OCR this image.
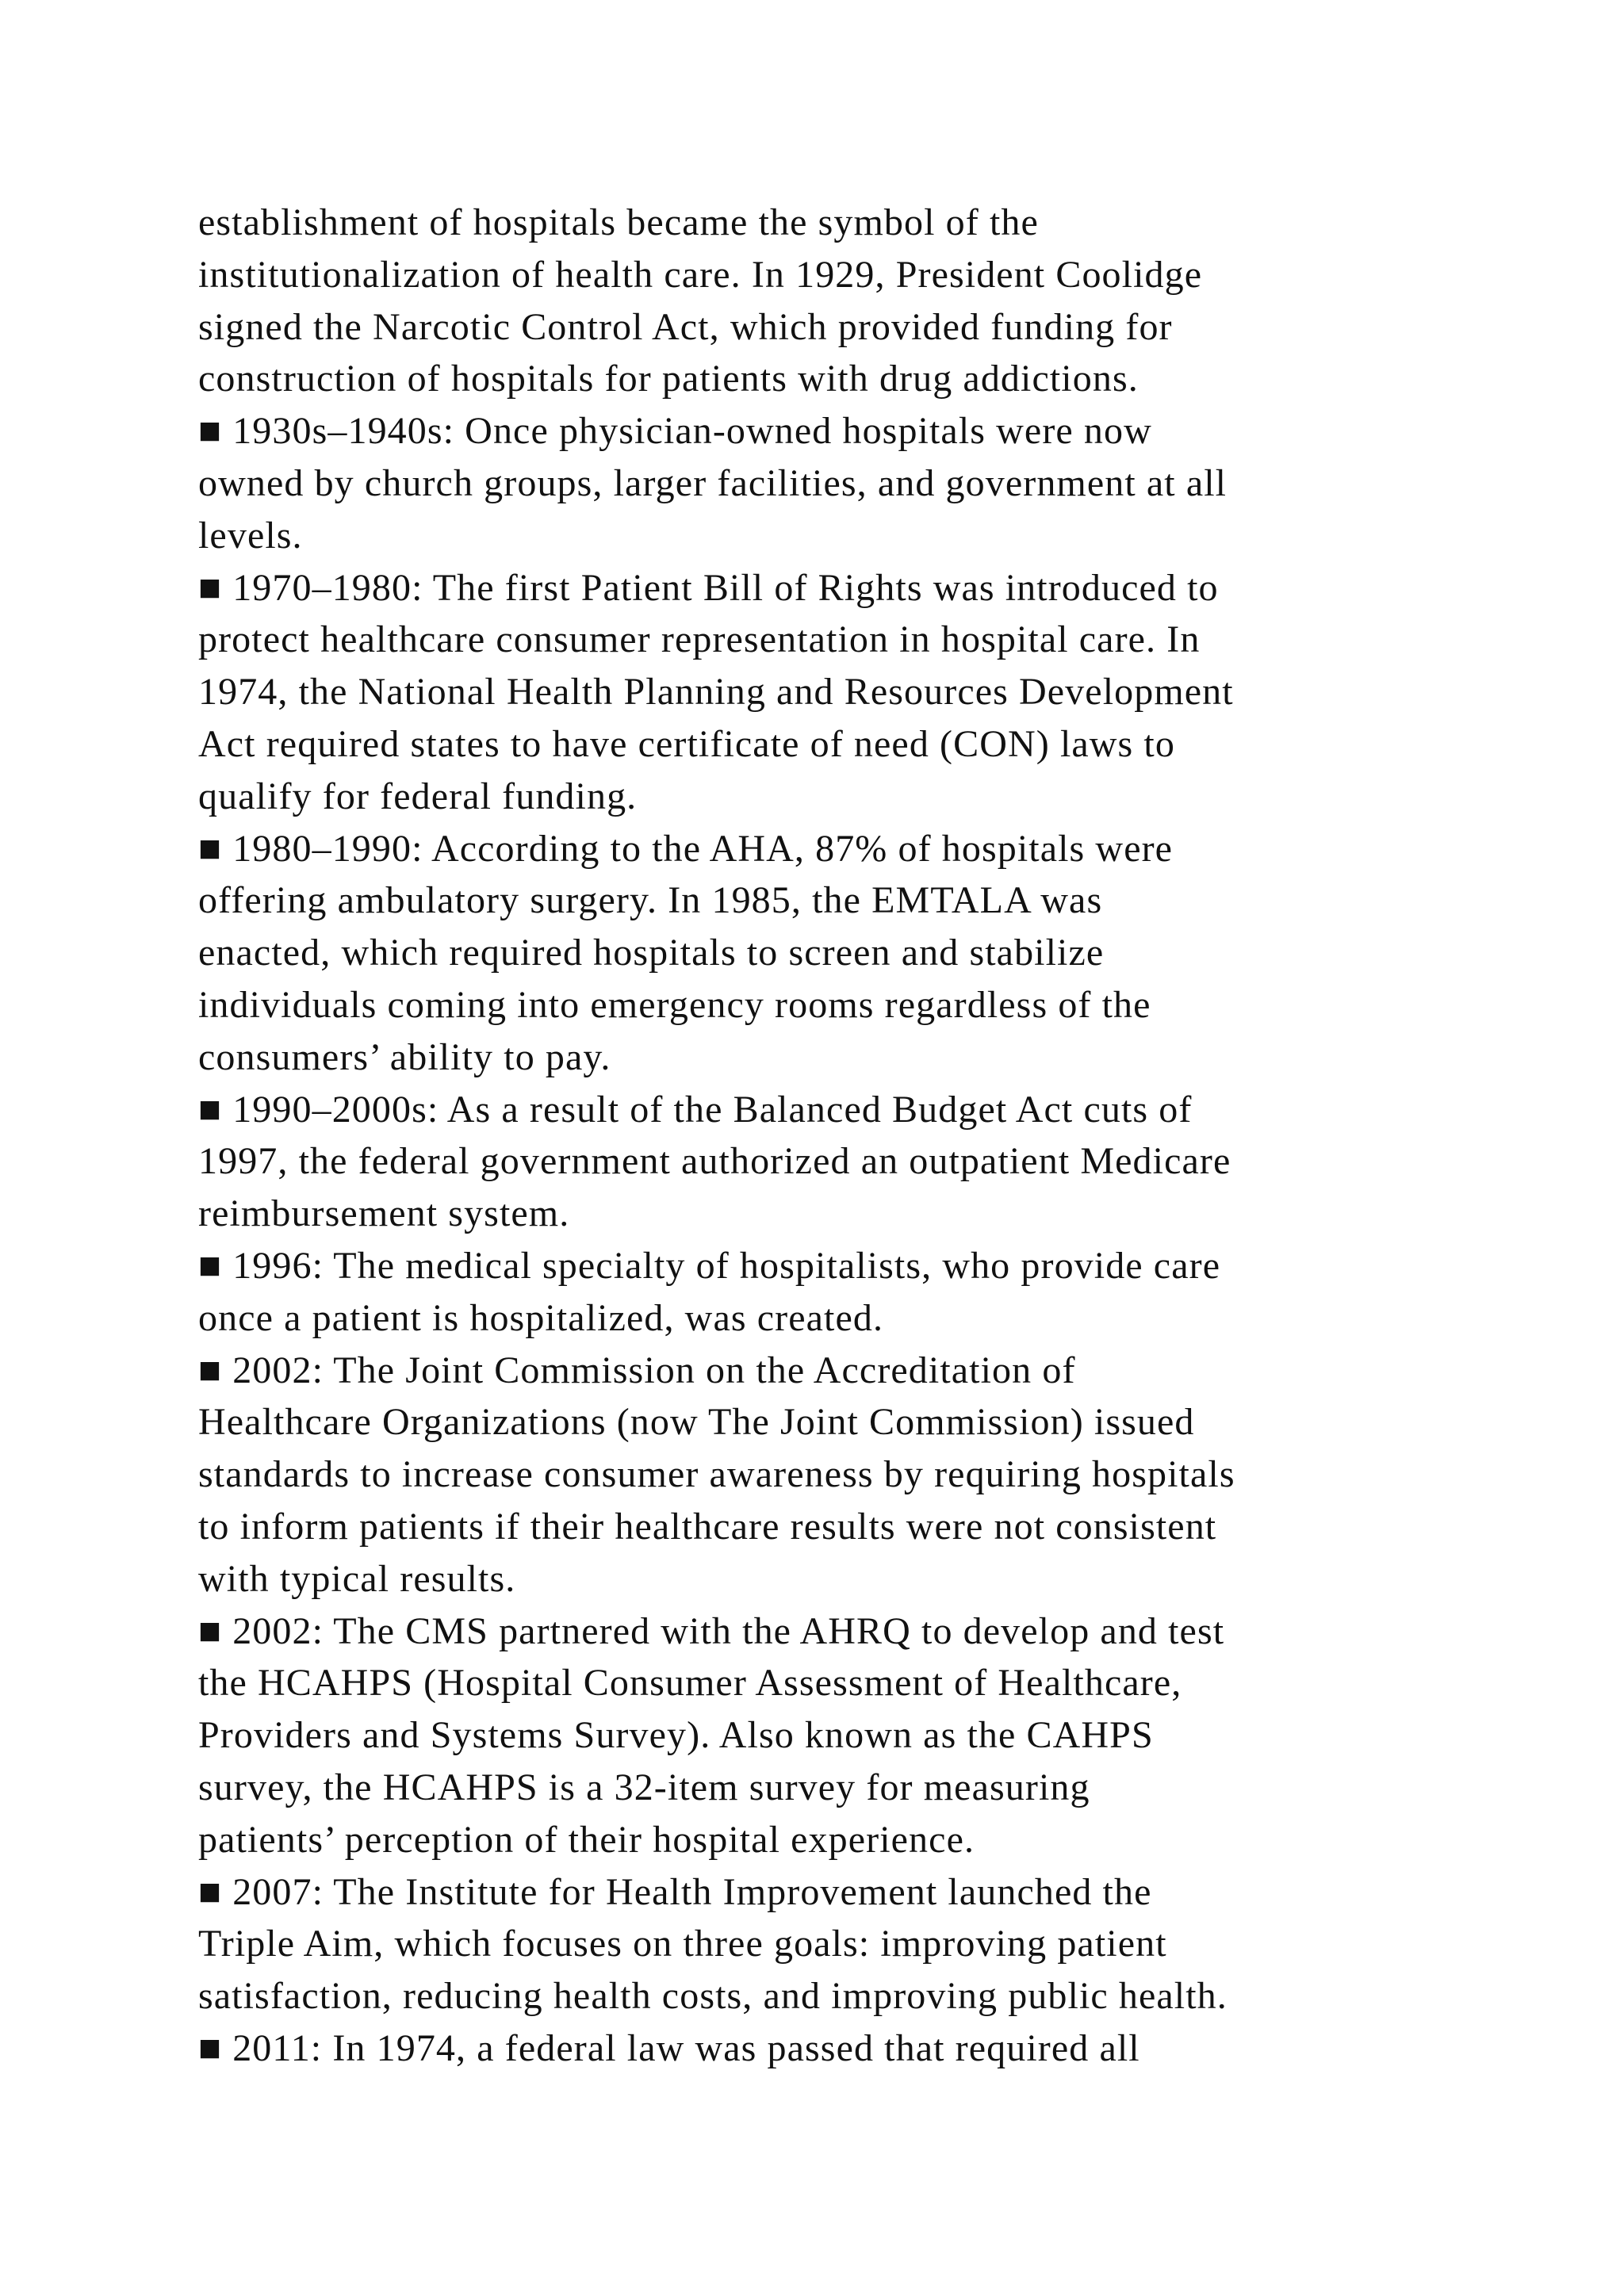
establishment of hospitals became the symbol of the
institutionalization of health care. In 1929, President Coolidge
signed the Narcotic Control Act, which provided funding for
construction of hospitals for patients with drug addictions.
■ 1930s–1940s: Once physician-owned hospitals were now
owned by church groups, larger facilities, and government at all
levels.
■ 1970–1980: The first Patient Bill of Rights was introduced to
protect healthcare consumer representation in hospital care. In
1974, the National Health Planning and Resources Development
Act required states to have certificate of need (CON) laws to
qualify for federal funding.
■ 1980–1990: According to the AHA, 87% of hospitals were
offering ambulatory surgery. In 1985, the EMTALA was
enacted, which required hospitals to screen and stabilize
individuals coming into emergency rooms regardless of the
consumers’ ability to pay.
■ 1990–2000s: As a result of the Balanced Budget Act cuts of
1997, the federal government authorized an outpatient Medicare
reimbursement system.
■ 1996: The medical specialty of hospitalists, who provide care
once a patient is hospitalized, was created.
■ 2002: The Joint Commission on the Accreditation of
Healthcare Organizations (now The Joint Commission) issued
standards to increase consumer awareness by requiring hospitals
to inform patients if their healthcare results were not consistent
with typical results.
■ 2002: The CMS partnered with the AHRQ to develop and test
the HCAHPS (Hospital Consumer Assessment of Healthcare,
Providers and Systems Survey). Also known as the CAHPS
survey, the HCAHPS is a 32-item survey for measuring
patients’ perception of their hospital experience.
■ 2007: The Institute for Health Improvement launched the
Triple Aim, which focuses on three goals: improving patient
satisfaction, reducing health costs, and improving public health.
■ 2011: In 1974, a federal law was passed that required all
